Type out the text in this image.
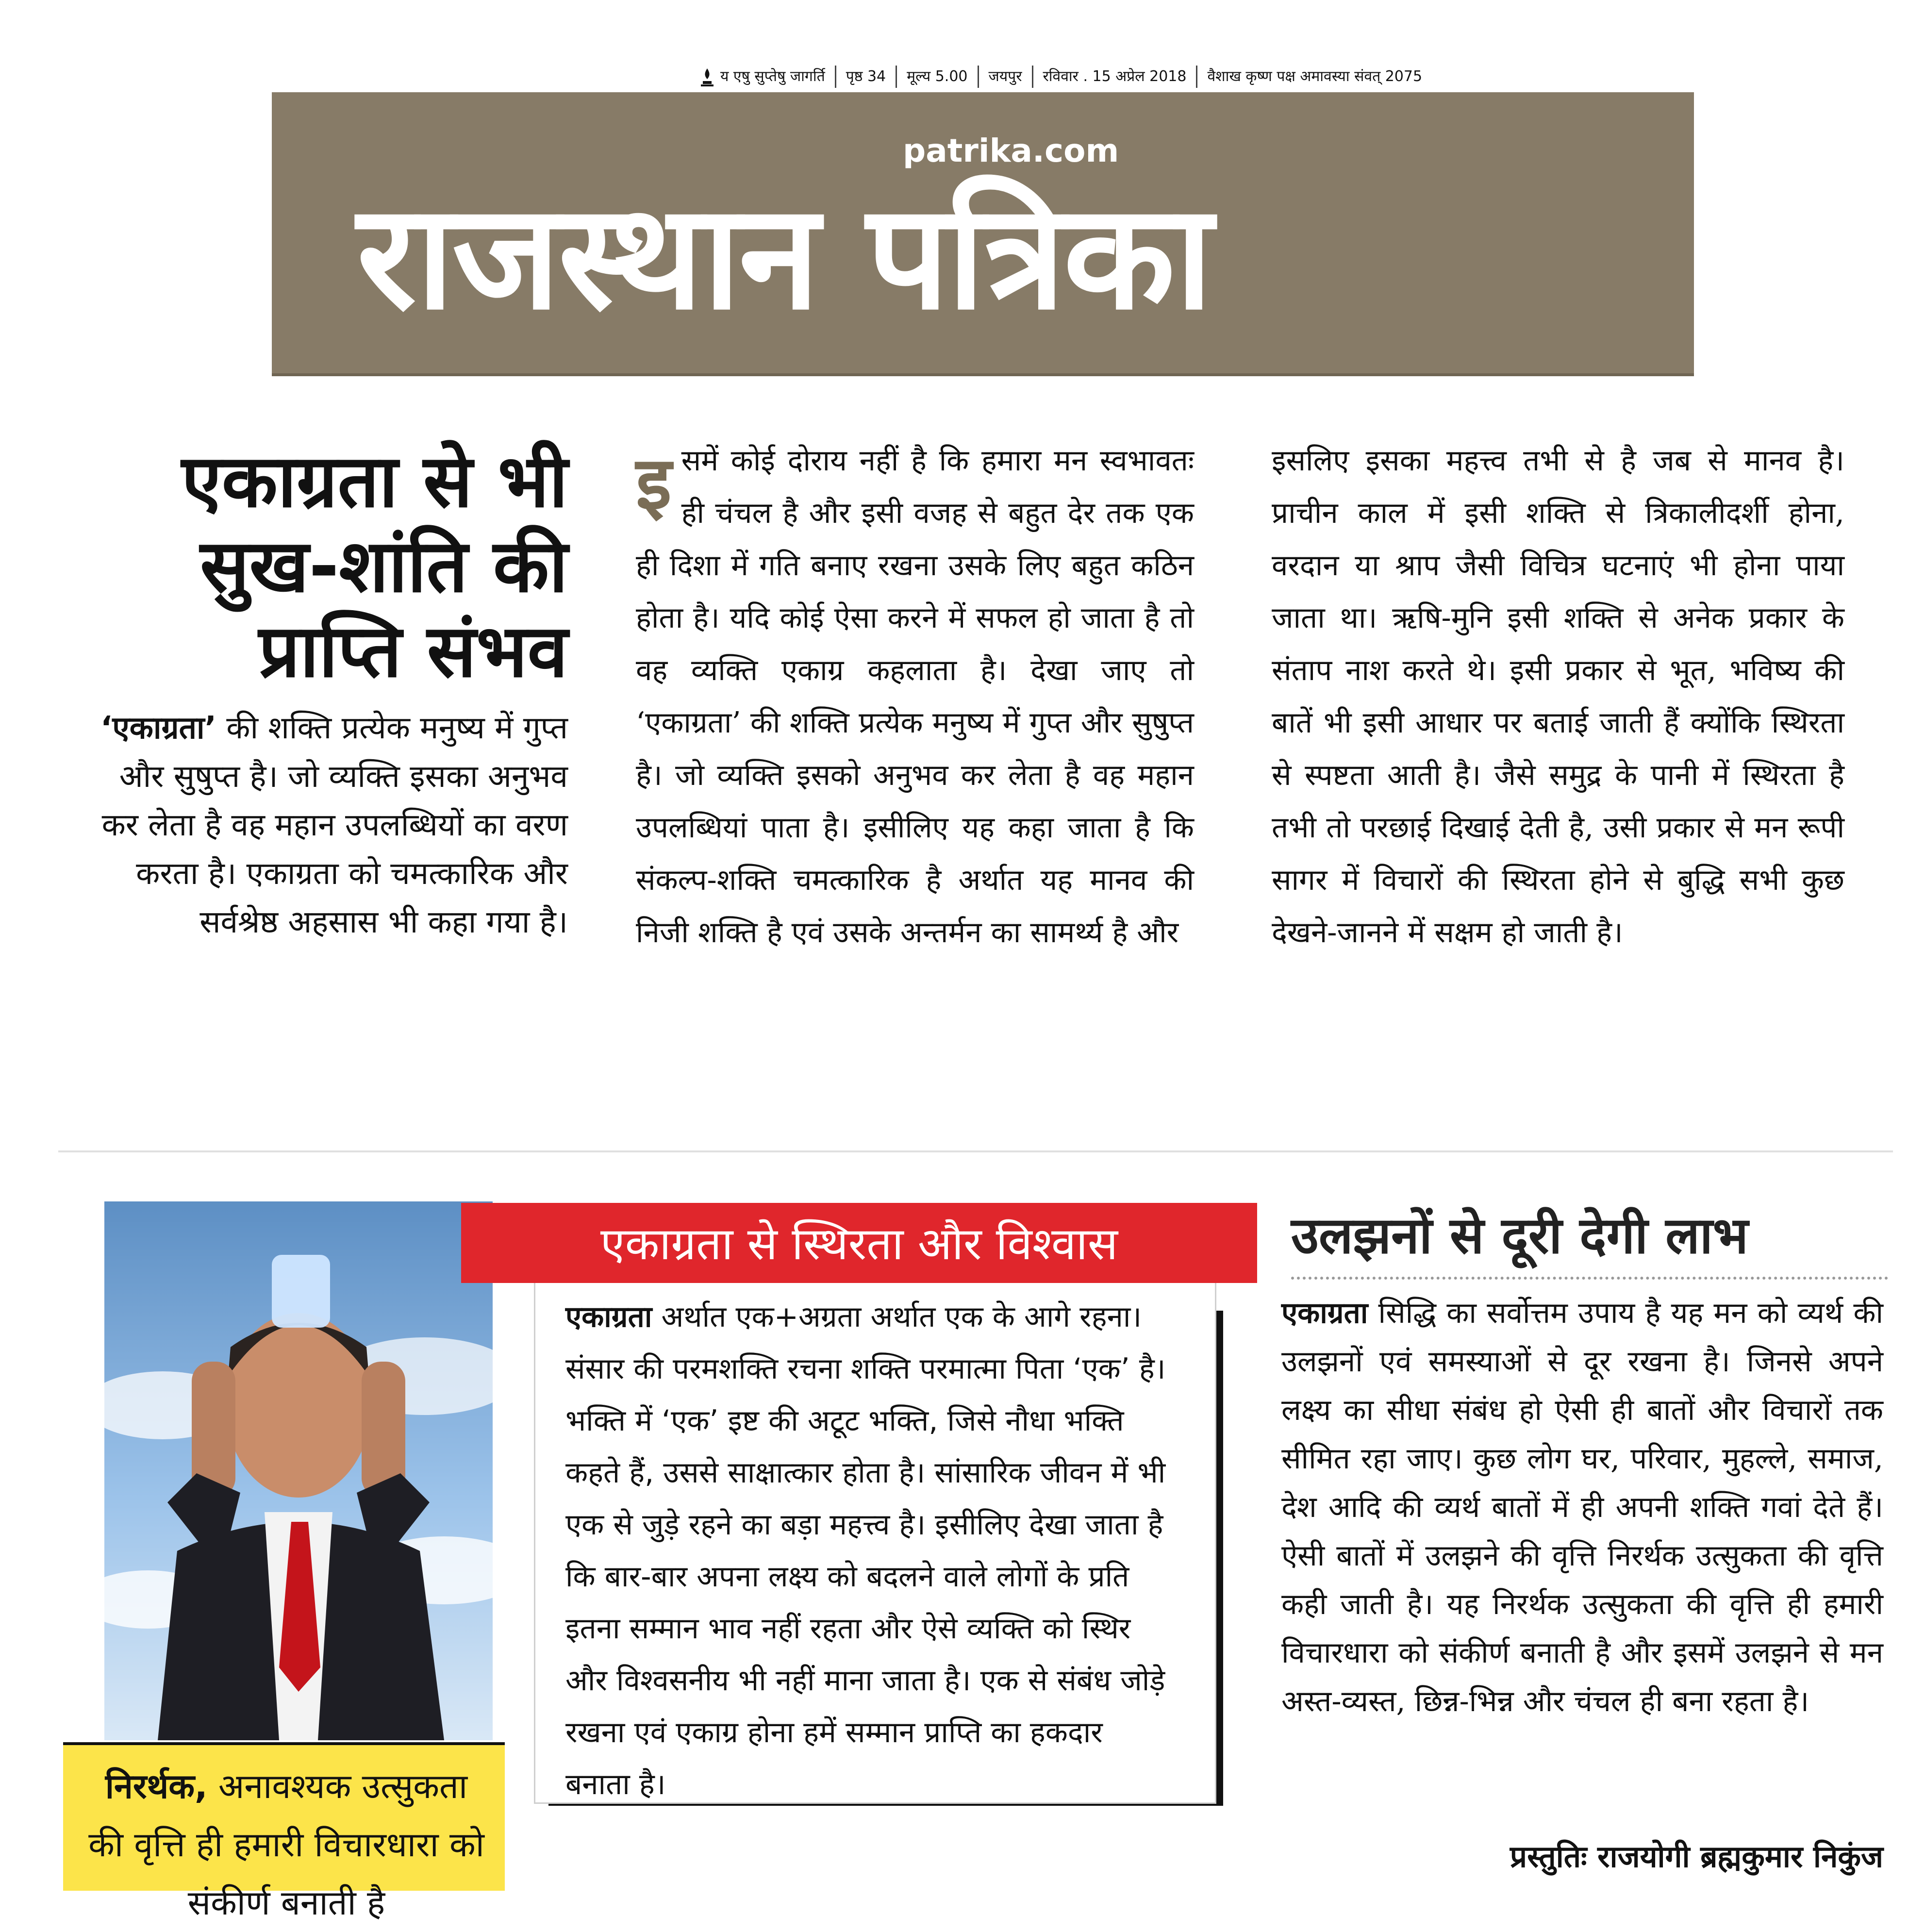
य एषु सुप्तेषु जागर्ति	पृष्ठ 34	मूल्य 5.00	जयपुर	रविवार . 15 अप्रेल 2018	वैशाख कृष्ण पक्ष अमावस्या संवत् 2075
patrika.com
राजस्थान पत्रिका
एकाग्रता से भी सुख-शांति की प्राप्ति संभव
‘एकाग्रता’ की शक्ति प्रत्येक मनुष्य में गुप्त और सुषुप्त है। जो व्यक्ति इसका अनुभव कर लेता है वह महान उपलब्धियों का वरण करता है। एकाग्रता को चमत्कारिक और सर्वश्रेष्ठ अहसास भी कहा गया है।
इसमें कोई दोराय नहीं है कि हमारा मन स्वभावतः ही चंचल है और इसी वजह से बहुत देर तक एक ही दिशा में गति बनाए रखना उसके लिए बहुत कठिन होता है। यदि कोई ऐसा करने में सफल हो जाता है तो वह व्यक्ति एकाग्र कहलाता है। देखा जाए तो ‘एकाग्रता’ की शक्ति प्रत्येक मनुष्य में गुप्त और सुषुप्त है। जो व्यक्ति इसको अनुभव कर लेता है वह महान उपलब्धियां पाता है। इसीलिए यह कहा जाता है कि संकल्प-शक्ति चमत्कारिक है अर्थात यह मानव की निजी शक्ति है एवं उसके अन्तर्मन का सामर्थ्य है और
इसलिए इसका महत्त्व तभी से है जब से मानव है। प्राचीन काल में इसी शक्ति से त्रिकालीदर्शी होना, वरदान या श्राप जैसी विचित्र घटनाएं भी होना पाया जाता था। ऋषि-मुनि इसी शक्ति से अनेक प्रकार के संताप नाश करते थे। इसी प्रकार से भूत, भविष्य की बातें भी इसी आधार पर बताई जाती हैं क्योंकि स्थिरता से स्पष्टता आती है। जैसे समुद्र के पानी में स्थिरता है तभी तो परछाई दिखाई देती है, उसी प्रकार से मन रूपी सागर में विचारों की स्थिरता होने से बुद्धि सभी कुछ देखने-जानने में सक्षम हो जाती है।
निरर्थक, अनावश्यक उत्सुकता की वृत्ति ही हमारी विचारधारा को संकीर्ण बनाती है
एकाग्रता से स्थिरता और विश्वास
एकाग्रता अर्थात एक+अग्रता अर्थात एक के आगे रहना। संसार की परमशक्ति रचना शक्ति परमात्मा पिता ‘एक’ है। भक्ति में ‘एक’ इष्ट की अटूट भक्ति, जिसे नौधा भक्ति कहते हैं, उससे साक्षात्कार होता है। सांसारिक जीवन में भी एक से जुड़े रहने का बड़ा महत्त्व है। इसीलिए देखा जाता है कि बार-बार अपना लक्ष्य को बदलने वाले लोगों के प्रति इतना सम्मान भाव नहीं रहता और ऐसे व्यक्ति को स्थिर और विश्वसनीय भी नहीं माना जाता है। एक से संबंध जोड़े रखना एवं एकाग्र होना हमें सम्मान प्राप्ति का हकदार बनाता है।
उलझनों से दूरी देगी लाभ
एकाग्रता सिद्धि का सर्वोत्तम उपाय है यह मन को व्यर्थ की उलझनों एवं समस्याओं से दूर रखना है। जिनसे अपने लक्ष्य का सीधा संबंध हो ऐसी ही बातों और विचारों तक सीमित रहा जाए। कुछ लोग घर, परिवार, मुहल्ले, समाज, देश आदि की व्यर्थ बातों में ही अपनी शक्ति गवां देते हैं। ऐसी बातों में उलझने की वृत्ति निरर्थक उत्सुकता की वृत्ति कही जाती है। यह निरर्थक उत्सुकता की वृत्ति ही हमारी विचारधारा को संकीर्ण बनाती है और इसमें उलझने से मन अस्त-व्यस्त, छिन्न-भिन्न और चंचल ही बना रहता है।
प्रस्तुतिः राजयोगी ब्रह्मकुमार निकुंज
